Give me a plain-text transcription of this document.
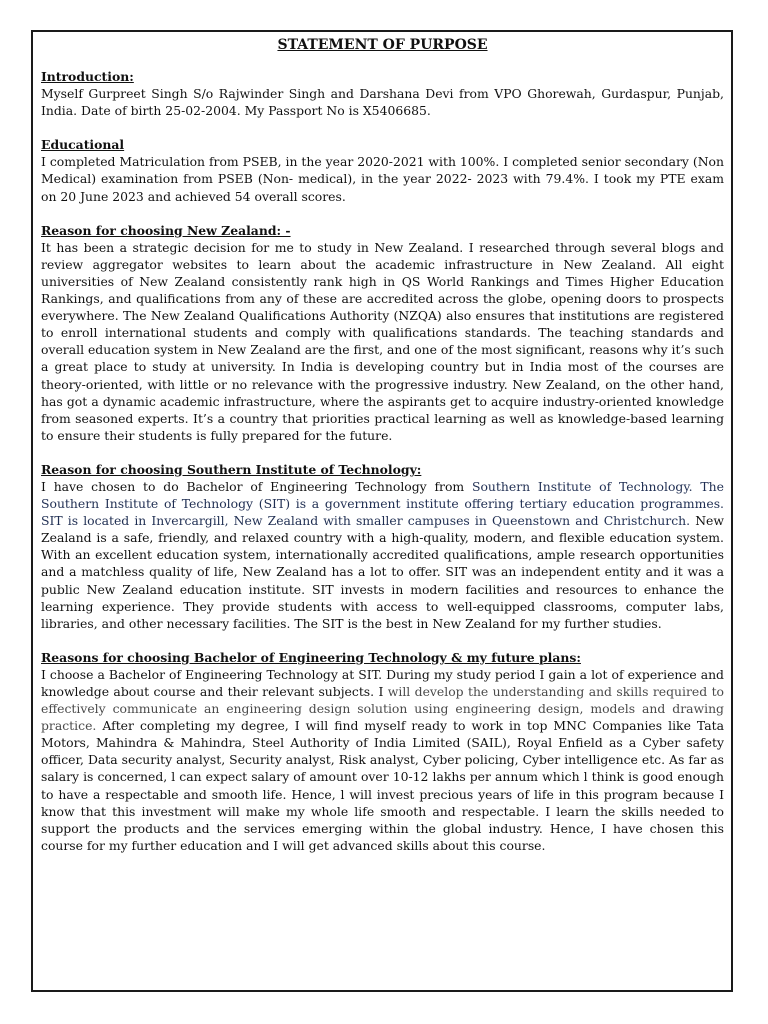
STATEMENT OF PURPOSE
Introduction:

Myself Gurpreet Singh S/o Rajwinder Singh and Darshana Devi from VPO Ghorewah, Gurdaspur, Punjab, India. Date of birth 25-02-2004. My Passport No is X5406685.

Educational

I completed Matriculation from PSEB, in the year 2020-2021 with 100%. I completed senior secondary (Non Medical) examination from PSEB (Non- medical), in the year 2022- 2023 with 79.4%. I took my PTE exam on 20 June 2023 and achieved 54 overall scores.

Reason for choosing New Zealand: -

It has been a strategic decision for me to study in New Zealand. I researched through several blogs and review aggregator websites to learn about the academic infrastructure in New Zealand. All eight universities of New Zealand consistently rank high in QS World Rankings and Times Higher Education Rankings, and qualifications from any of these are accredited across the globe, opening doors to prospects everywhere. The New Zealand Qualifications Authority (NZQA) also ensures that institutions are registered to enroll international students and comply with qualifications standards. The teaching standards and overall education system in New Zealand are the first, and one of the most significant, reasons why it’s such a great place to study at university. In India is developing country but in India most of the courses are theory-oriented, with little or no relevance with the progressive industry. New Zealand, on the other hand, has got a dynamic academic infrastructure, where the aspirants get to acquire industry-oriented knowledge from seasoned experts. It’s a country that priorities practical learning as well as knowledge-based learning to ensure their students is fully prepared for the future.

Reason for choosing Southern Institute of Technology:

I have chosen to do Bachelor of Engineering Technology from Southern Institute of Technology. The Southern Institute of Technology (SIT) is a government institute offering tertiary education programmes. SIT is located in Invercargill, New Zealand with smaller campuses in Queenstown and Christchurch. New Zealand is a safe, friendly, and relaxed country with a high-quality, modern, and flexible education system. With an excellent education system, internationally accredited qualifications, ample research opportunities and a matchless quality of life, New Zealand has a lot to offer. SIT was an independent entity and it was a public New Zealand education institute. SIT invests in modern facilities and resources to enhance the learning experience. They provide students with access to well-equipped classrooms, computer labs, libraries, and other necessary facilities. The SIT is the best in New Zealand for my further studies.

Reasons for choosing Bachelor of Engineering Technology & my future plans:

I choose a Bachelor of Engineering Technology at SIT. During my study period I gain a lot of experience and knowledge about course and their relevant subjects. I will develop the understanding and skills required to effectively communicate an engineering design solution using engineering design, models and drawing practice. After completing my degree, I will find myself ready to work in top MNC Companies like Tata Motors, Mahindra & Mahindra, Steel Authority of India Limited (SAIL), Royal Enfield as a Cyber safety officer, Data security analyst, Security analyst, Risk analyst, Cyber policing, Cyber intelligence etc. As far as salary is concerned, l can expect salary of amount over 10-12 lakhs per annum which l think is good enough to have a respectable and smooth life. Hence, l will invest precious years of life in this program because I know that this investment will make my whole life smooth and respectable. I learn the skills needed to support the products and the services emerging within the global industry. Hence, I have chosen this course for my further education and I will get advanced skills about this course.
